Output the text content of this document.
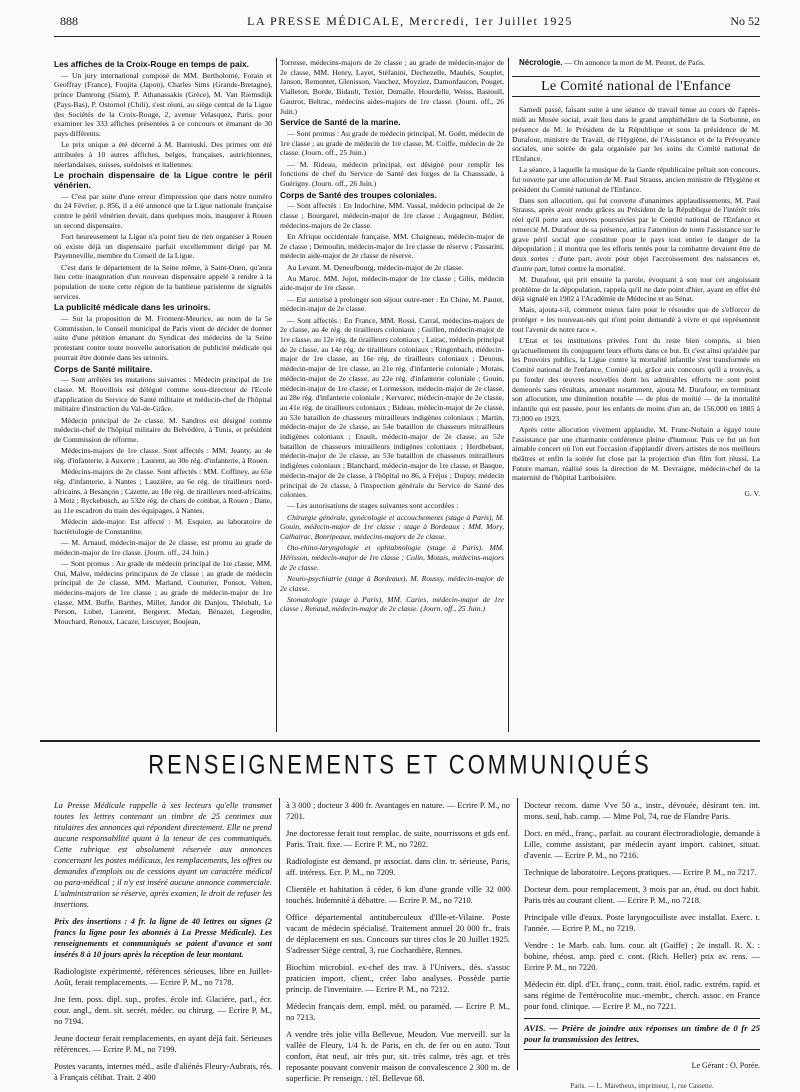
888	LA PRESSE MÉDICALE, Mercredi, 1er Juillet 1925	No 52
Les affiches de la Croix-Rouge en temps de paix.

— Un jury international composé de MM. Bertholomé, Forain et Geoffray (France), Foujita (Japon), Charles Sims (Grande-Bretagne), prince Damrong (Siam), P. Athanassakis (Grèce), M. Van Riemsdijk (Pays-Bas), P. Ostornol (Chili), s'est réuni, au siège central de la Ligue des Sociétés de la Croix-Rouge, 2, avenue Velasquez, Paris, pour examiner les 333 affiches présentées à ce concours et émanant de 30 pays différents.

Le prix unique a été décerné à M. Bareiuski. Des primes ont été attribuées à 10 autres affiches, belges, françaises, autrichiennes, néerlandaises, suisses, suédoises et italiennes.

Le prochain dispensaire de la Ligue contre le péril vénérien.

— C'est par suite d'une erreur d'impression que dans notre numéro du 24 Février, p. 856, il a été annoncé que la Ligue nationale française contre le péril vénérien devait, dans quelques mois, inaugurer à Rouen un second dispensaire.

Fort heureusement la Ligue n'a point lieu de rien organiser à Rouen où existe déjà un dispensaire parfait excellemment dirigé par M. Payenneville, membre du Conseil de la Ligue.

C'est dans le département de la Seine même, à Saint-Ouen, qu'aura lieu cette inauguration d'un nouveau dispensaire appelé à rendre à la population de toute cette région de la banlieue parisienne de signalés services.

La publicité médicale dans les urinoirs.

— Sur la proposition de M. Froment-Meurice, au nom de la 5e Commission, le Conseil municipal de Paris vient de décider de donner suite d'une pétition émanant du Syndicat des médecins de la Seine protestant contre toute nouvelle autorisation de publicité médicale qui pourrait être donnée dans les urinoirs.

Corps de Santé militaire.

— Sont arrêtées les mutations suivantes : Médecin principal de 1re classe. M. Rouvillois est délégué comme sous-directeur de l'Ecole d'application du Service de Santé militaire et médecin-chef de l'hôpital militaire d'instruction du Val-de-Grâce.

Médecin principal de 2e classe. M. Sandros est désigné comme médecin-chef de l'hôpital militaire du Belvédère, à Tunis, et président de Commission de réforme.

Médecins-majors de 1re classe. Sont affectés : MM. Jeanty, au 4e rég. d'infanterie, à Auxerre ; Laurent, au 30e rég. d'infanterie, à Rouen.

Médecins-majors de 2e classe. Sont affectés : MM. Coffiney, au 65e rég. d'infanterie, à Nantes ; Lauzière, au 6e rég. de tirailleurs nord-africains, à Besançon ; Cazette, au 18e rég. de tirailleurs nord-africains, à Metz ; Ryckebusch, au 532e rég. de chars de combat, à Rouen ; Dane, au 11e escadron du train des équipages, à Nantes.

Médecin aide-major. Est affecté : M. Esquier, au laboratoire de bactériologie de Constantine.

— M. Arnaud, médecin-major de 2e classe, est promu au grade de médecin-major de 1re classe. (Journ. off., 24 Juin.)

— Sont promus : Au grade de médecin principal de 1re classe, MM. Oui, Malve, médecins principaux de 2e classe ; au grade de médecin principal de 2e classe, MM. Marland, Couturier, Ponsot, Velten, médecins-majors de 1re classe ; au grade de médecin-major de 1re classe, MM. Buffe, Barthes, Millet, Jandot dit Danjou, Théobalt, Le Person, Lubet, Laurent, Bergeret, Medan, Bénazet, Legendre, Mouchard, Renoux, Lacaze, Lescuyer, Boujean,

Torresse, médecins-majors de 2e classe ; au grade de médecin-major de 2e classe, MM. Henry, Layet, Stéfanini, Dechezelle, Mauhès, Souplet, Janson, Remontet, Glenisson, Vauchez, Moyziez, Damonfaucon, Pouget, Vialleton, Borde, Bidault, Texier, Dumalle, Hourdelle, Weiss, Bastoull, Gautrot, Beltrac, médecins aides-majors de 1re classe. (Journ. off., 26 Juin.)

Service de Santé de la marine.

— Sont promus : Au grade de médecin principal, M. Goëtt, médecin de 1re classe ; au grade de médecin de 1re classe, M. Coiffe, médecin de 2e classe. (Journ. off., 25 Juin.)

— M. Rideau, médecin principal, est désigné pour remplir les fonctions de chef du Service de Santé des forges de la Chaussade, à Guérigny. (Journ. off., 26 Juin.)

Corps de Santé des troupes coloniales.

— Sont affectés : En Indochine, MM. Vassal, médecin principal de 2e classe ; Bourgarel, médecin-major de 1re classe ; Augagneur, Bédier, médecins-majors de 2e classe.

En Afrique occidentale française. MM. Chaigneau, médecin-major de 2e classe ; Demoulin, médecin-major de 1re classe de réserve ; Passarini, médecin aide-major de 2e classe de réserve.

Au Levant. M. Deneufbourg, médecin-major de 2e classe.

Au Maroc. MM. Jojot, médecin-major de 1re classe ; Gilis, médecin aide-major de 1re classe.

— Est autorisé à prolonger son séjour outre-mer : En Chine, M. Pautet, médecin-major de 2e classe.

— Sont affectés : En France, MM. Rossi, Carral, médecins-majors de 2e classe, au 4e rég. de tirailleurs coloniaux ; Guillen, médecin-major de 1re classe, au 12e rég. de tirailleurs coloniaux ; Lairac, médecin principal de 2e classe, au 14e rég. de tirailleurs coloniaux ; Ringenbach, médecin-major de 1re classe, au 16e rég. de tirailleurs coloniaux ; Deuous, médecin-major de 1re classe, au 21e rég. d'infanterie coloniale ; Motais, médecin-major de 2e classe, au 22e rég. d'infanterie coloniale ; Gouin, médecin-major de 1re classe, et Lormesson, médecin-major de 2e classe, au 28e rég. d'infanterie coloniale ; Kervarec, médecin-major de 2e classe, au 41e rég. de tirailleurs coloniaux ; Bideau, médecin-major de 2e classe, au 53e bataillon de chasseurs mitrailleurs indigènes coloniaux ; Martin, médecin-major de 2e classe, au 54e bataillon de chasseurs mitrailleurs indigènes coloniaux ; Enault, médecin-major de 2e classe, au 52e bataillon de chasseurs mitrailleurs indigènes coloniaux ; Herdhebaut, médecin-major de 2e classe, au 53e bataillon de chasseurs mitrailleurs indigènes coloniaux ; Blanchard, médecin-major de 1re classe, et Basque, médecin-major de 2e classe, à l'hôpital no 86, à Fréjus ; Dupuy, médecin principal de 2e classe, à l'inspection générale du Service de Santé des colonies.

— Les autorisations de stages suivantes sont accordées :

Chirurgie générale, gynécologie et accouchements (stage à Paris), M. Gouin, médecin-major de 1re classe ; stage à Bordeaux : MM. Mory, Calhairac, Bonripeaux, médecins-majors de 2e classe.

Oto-rhino-laryngologie et ophtalmologie (stage à Paris), MM. Hérisson, médecin-major de 1re classe ; Colin, Motais, médecins-majors de 2e classe.

Neuro-psychiatrie (stage à Bordeaux), M. Roussy, médecin-major de 2e classe.

Stomatologie (stage à Paris), MM. Caries, médecin-major de 1re classe ; Renaud, médecin-major de 2e classe. (Journ. off., 25 Juin.)

Nécrologie. — On annonce la mort de M. Peuret, de Paris.

Le Comité national de l'Enfance

Samedi passé, faisant suite à une séance de travail tenue au cours de l'après-midi au Musée social, avait lieu dans le grand amphithéâtre de la Sorbonne, en présence de M. le Président de la République et sous la présidence de M. Durafour, ministre du Travail, de l'Hygiène, de l'Assistance et de la Prévoyance sociales, une soirée de gala organisée par les soins du Comité national de l'Enfance.

La séance, à laquelle la musique de la Garde républicaine prêtait son concours, fut ouverte par une allocution de M. Paul Strauss, ancien ministre de l'Hygiène et président du Comité national de l'Enfance.

Dans son allocution, qui fut couverte d'unanimes applaudissements, M. Paul Strauss, après avoir rendu grâces au Président de la République de l'intérêt très réel qu'il porte aux œuvres poursuivies par le Comité national de l'Enfance et remercié M. Durafour de sa présence, attira l'attention de toute l'assistance sur le grave péril social que constitue pour le pays tout entier le danger de la dépopulation ; il montra que les efforts tentés pour la combattre devaient être de deux sortes : d'une part, avoir pour objet l'accroissement des naissances et, d'autre part, lutter contre la mortalité.

M. Durafour, qui prit ensuite la parole, évoquant à son tour cet angoissant problème de la dépopulation, rappela qu'il ne date point d'hier, ayant en effet été déjà signalé en 1902 à l'Académie de Médecine et au Sénat.

Mais, ajouta-t-il, comment mieux faire pour le résoudre que de s'efforcer de protéger « les nouveau-nés qui n'ont point demandé à vivre et qui représentent tout l'avenir de notre race ».

L'Etat et les institutions privées l'ont du reste bien compris, si bien qu'actuellement ils conjuguent leurs efforts dans ce but. Et c'est ainsi qu'aidée par les Pouvoirs publics, la Ligue contre la mortalité infantile s'est transformée en Comité national de l'enfance, Comité qui, grâce aux concours qu'il a trouvés, a pu fonder des œuvres nouvelles dont les admirables efforts ne sont point demeurés sans résultats, amenant notamment, ajouta M. Durafour, en terminant son allocution, une diminution notable — de plus de moitié — de la mortalité infantile qui est passée, pour les enfants de moins d'un an, de 156.000 en 1885 à 73.000 en 1923.

Après cette allocution vivement applaudie, M. Franc-Nohain a égayé toute l'assistance par une charmante conférence pleine d'humour. Puis ce fut un fort aimable concert où l'on eut l'occasion d'applaudir divers artistes de nos meilleurs théâtres et enfin la soirée fut close par la projection d'un film fort réussi, La Future maman, réalisé sous la direction de M. Devraigne, médecin-chef de la maternité de l'hôpital Lariboisière.

G. V.

RENSEIGNEMENTS ET COMMUNIQUÉS

La Presse Médicale rappelle à ses lecteurs qu'elle transmet toutes les lettres contenant un timbre de 25 centimes aux titulaires des annonces qui répondent directement. Elle ne prend aucune responsabilité quant à la teneur de ces communiqués. Cette rubrique est absolument réservée aux annonces concernant les postes médicaux, les remplacements, les offres ou demandes d'emplois ou de cessions ayant un caractère médical ou para-médical ; il n'y est inséré aucune annonce commerciale. L'administration se réserve, après examen, le droit de refuser les insertions.

Prix des insertions : 4 fr. la ligne de 40 lettres ou signes (2 francs la ligne pour les abonnés à La Presse Médicale). Les renseignements et communiqués se paient d'avance et sont insérés 8 à 10 jours après la réception de leur montant.

Radiologiste expérimenté, références sérieuses, libre en Juillet-Août, ferait remplacements. — Ecrire P. M., no 7178.

Jne fem. poss. dipl. sup., profes. école inf. Glacière, parl., écr. cour. angl., dem. sit. secrét. médec. ou chirurg. — Ecrire P. M., no 7194.

Jeune docteur ferait remplacements, en ayant déjà fait. Sérieuses références. — Ecrire P. M., no 7199.

Postes vacants, internes méd., asile d'aliénés Fleury-Aubrais, rés. à Français célibat. Trait. 2 400

à 3 000 ; docteur 3 400 fr. Avantages en nature. — Ecrire P. M., no 7201.

Jne doctoresse ferait tout remplac. de suite, nourrissons et gds enf. Paris. Trait. fixe. — Ecrire P. M., no 7202.

Radiologiste est demand. pr associat. dans clin. tr. sérieuse, Paris, aff. intéress. Ecr. P. M., no 7209.

Clientèle et habitation à céder, 6 km d'une grande ville 32 000 touchés. Indemnité à débattre. — Ecrire P. M., no 7210.

Office départemental antituberculeux d'Ille-et-Vilaine. Poste vacant de médecin spécialisé. Traitement annuel 20 000 fr., frais de déplacement en sus. Concours sur titres clos le 20 Juillet 1925. S'adresser Siège central, 3, rue Cochardière, Rennes.

Biochim microbiol. ex-chef des trav. à l'Univers., dés. s'assoc praticien import. client., créer labo analyses. Possède partie princip. de l'inventaire. — Ecrire P. M., no 7212.

Médecin français dem. empl. méd. ou paraméd. — Ecrire P. M., no 7213.

A vendre très jolie villa Bellevue, Meudon. Vue merveill. sur la vallée de Fleury, 1/4 h. de Paris, en ch. de fer ou en auto. Tout confort, état neuf, air très pur, sit. très calme, très agr. et très reposante pouvant convenir maison de convalescence 2 300 m. de superficie. Pr renseign. : tél. Bellevue 68.

Docteur recom. dame Vve 50 a., instr., dévouée, désirant ten. int. mons. seul, hab. camp. — Mme Pol, 74, rue de Flandre Paris.

Doct. en méd., franç., parfait. au courant électroradiologie, demande à Lille, comme assistant, par médecin ayant import. cabinet, situat. d'avenir. — Ecrire P. M., no 7216.

Technique de laboratoire. Leçons pratiques. — Ecrire P. M., no 7217.

Docteur dem. pour remplacement, 3 mois par an, étud. ou doct habit. Paris très au courant client. — Ecrire P. M., no 7218.

Principale ville d'eaux. Poste laryngocuiliste avec installat. Exerc. t. l'année. — Ecrire P. M., no 7219.

Vendre : 1e Marb. cab. lum. cour. alt (Gaiffe) ; 2e install. R. X. : bobine, rhéost. amp. pied c. cont. (Rich. Heller) prix av. rens. — Ecrire P. M., no 7220.

Médecin étr. dipl. d'Et. franç., conn. trait. étiol. radic. extrém. rapid. et sans régime de l'entérocolite muc.-membr., cherch. assoc. en France pour fond. clinique. — Ecrire P. M., no 7221.

AVIS. — Prière de joindre aux réponses un timbre de 0 fr 25 pour la transmission des lettres.
Le Gérant : O. Porée.
Paris. — L. Maretheux, imprimeur, 1, rue Cassette.
